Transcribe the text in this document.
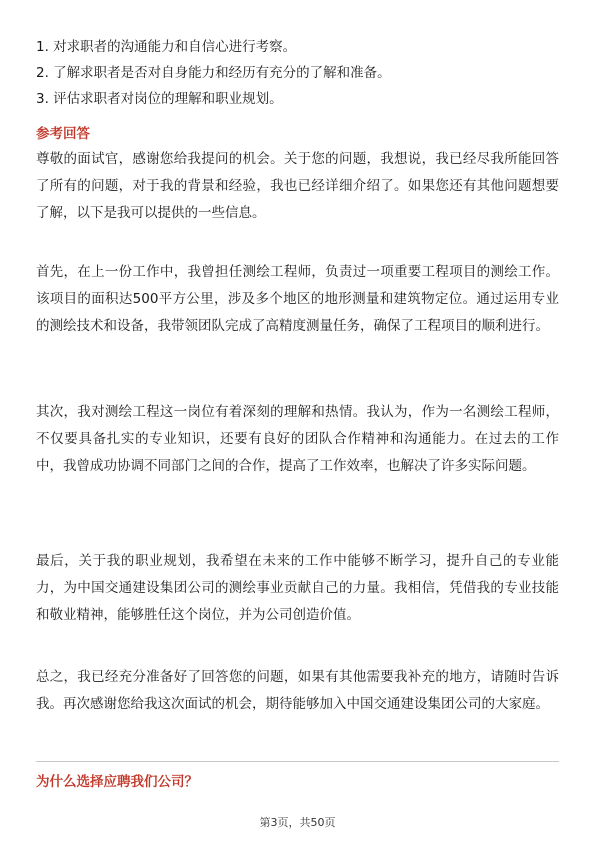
1. 对求职者的沟通能力和自信心进行考察。
2. 了解求职者是否对自身能力和经历有充分的了解和准备。
3. 评估求职者对岗位的理解和职业规划。
参考回答
尊敬的面试官，感谢您给我提问的机会。关于您的问题，我想说，我已经尽我所能回答了所有的问题，对于我的背景和经验，我也已经详细介绍了。如果您还有其他问题想要了解，以下是我可以提供的一些信息。
首先，在上一份工作中，我曾担任测绘工程师，负责过一项重要工程项目的测绘工作。该项目的面积达500平方公里，涉及多个地区的地形测量和建筑物定位。通过运用专业的测绘技术和设备，我带领团队完成了高精度测量任务，确保了工程项目的顺利进行。
其次，我对测绘工程这一岗位有着深刻的理解和热情。我认为，作为一名测绘工程师，不仅要具备扎实的专业知识，还要有良好的团队合作精神和沟通能力。在过去的工作中，我曾成功协调不同部门之间的合作，提高了工作效率，也解决了许多实际问题。
最后，关于我的职业规划，我希望在未来的工作中能够不断学习，提升自己的专业能力，为中国交通建设集团公司的测绘事业贡献自己的力量。我相信，凭借我的专业技能和敬业精神，能够胜任这个岗位，并为公司创造价值。
总之，我已经充分准备好了回答您的问题，如果有其他需要我补充的地方，请随时告诉我。再次感谢您给我这次面试的机会，期待能够加入中国交通建设集团公司的大家庭。
为什么选择应聘我们公司？
第3页，共50页
